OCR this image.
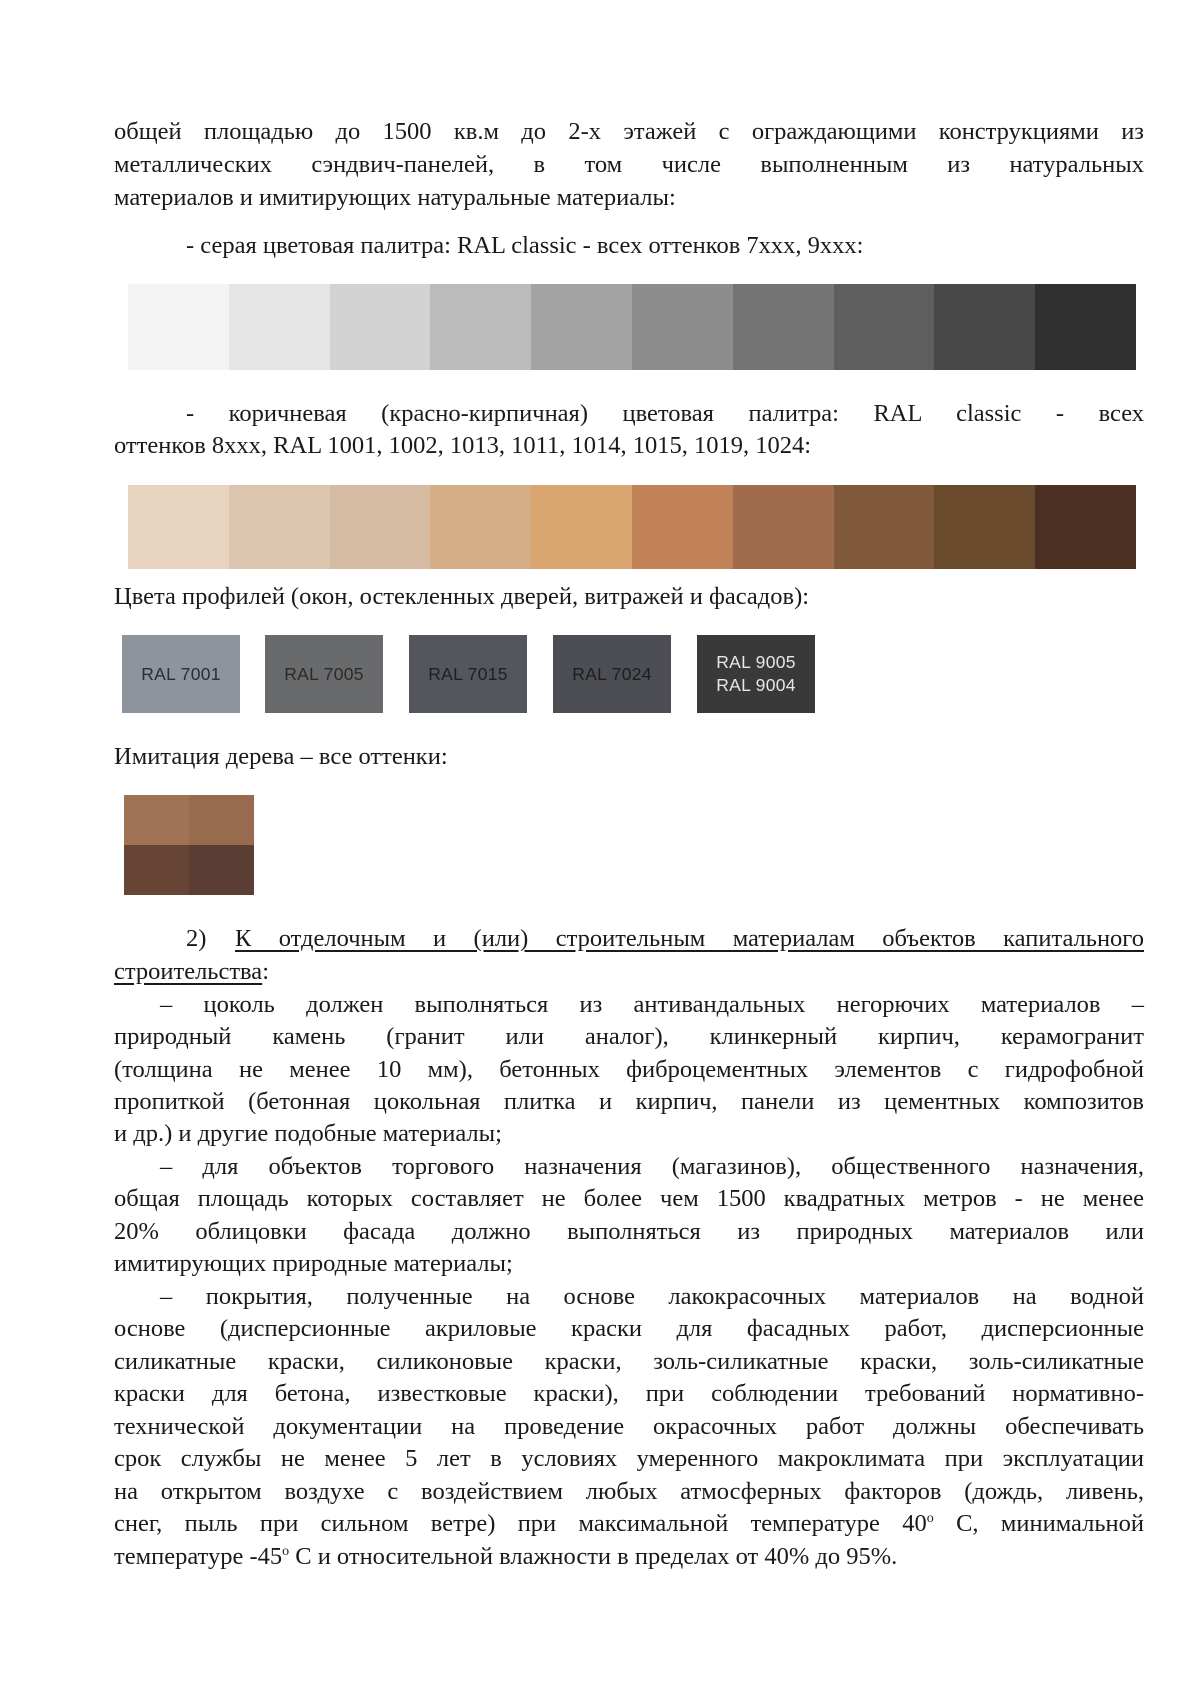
общей площадью до 1500 кв.м до 2-х этажей с ограждающими конструкциями из
металлических сэндвич-панелей, в том числе выполненным из натуральных
материалов и имитирующих натуральные материалы:
- серая цветовая палитра: RAL classic - всех оттенков 7ххх, 9ххх:
- коричневая (красно-кирпичная) цветовая палитра: RAL classic - всех
оттенков 8ххх, RAL 1001, 1002, 1013, 1011, 1014, 1015, 1019, 1024:
Цвета профилей (окон, остекленных дверей, витражей и фасадов):
RAL 7001	RAL 7005	RAL 7015	RAL 7024
RAL 9005
RAL 9004
Имитация дерева – все оттенки:
2) К отделочным и (или) строительным материалам объектов капитального
строительства:
– цоколь должен выполняться из антивандальных негорючих материалов –
природный камень (гранит или аналог), клинкерный кирпич, керамогранит
(толщина не менее 10 мм), бетонных фиброцементных элементов с гидрофобной
пропиткой (бетонная цокольная плитка и кирпич, панели из цементных композитов
и др.) и другие подобные материалы;
– для объектов торгового назначения (магазинов), общественного назначения,
общая площадь которых составляет не более чем 1500 квадратных метров - не менее
20% облицовки фасада должно выполняться из природных материалов или
имитирующих природные материалы;
– покрытия, полученные на основе лакокрасочных материалов на водной
основе (дисперсионные акриловые краски для фасадных работ, дисперсионные
силикатные краски, силиконовые краски, золь-силикатные краски, золь-силикатные
краски для бетона, известковые краски), при соблюдении требований нормативно-
технической документации на проведение окрасочных работ должны обеспечивать
срок службы не менее 5 лет в условиях умеренного макроклимата при эксплуатации
на открытом воздухе с воздействием любых атмосферных факторов (дождь, ливень,
снег, пыль при сильном ветре) при максимальной температуре 40$^o$ С, минимальной
температуре -45$^o$ С и относительной влажности в пределах от 40% до 95%.
